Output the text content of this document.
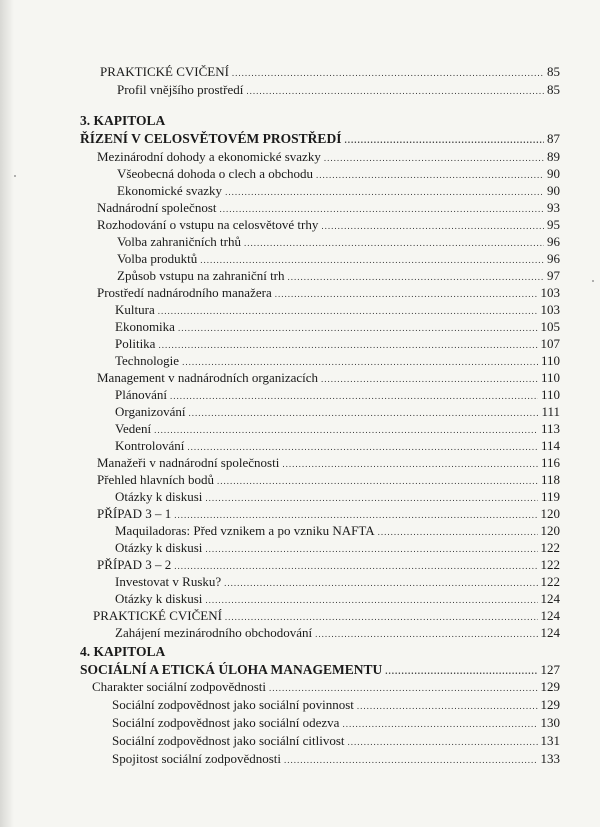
PRAKTICKÉ CVIČENÍ .....	85
Profil vnějšího prostředí .....	85
3. KAPITOLA
ŘÍZENÍ V CELOSVĚTOVÉM PROSTŘEDÍ .....	87
Mezinárodní dohody a ekonomické svazky .....	89
Všeobecná dohoda o clech a obchodu .....	90
Ekonomické svazky .....	90
Nadnárodní společnost .....	93
Rozhodování o vstupu na celosvětové trhy .....	95
Volba zahraničních trhů .....	96
Volba produktů .....	96
Způsob vstupu na zahraniční trh .....	97
Prostředí nadnárodního manažera .....	103
Kultura .....	103
Ekonomika .....	105
Politika .....	107
Technologie .....	110
Management v nadnárodních organizacích .....	110
Plánování .....	110
Organizování .....	111
Vedení .....	113
Kontrolování .....	114
Manažeři v nadnárodní společnosti .....	116
Přehled hlavních bodů .....	118
Otázky k diskusi .....	119
PŘÍPAD 3 – 1 .....	120
Maquiladoras: Před vznikem a po vzniku NAFTA .....	120
Otázky k diskusi .....	122
PŘÍPAD 3 – 2 .....	122
Investovat v Rusku? .....	122
Otázky k diskusi .....	124
PRAKTICKÉ CVIČENÍ .....	124
Zahájení mezinárodního obchodování .....	124
4. KAPITOLA
SOCIÁLNÍ A ETICKÁ ÚLOHA MANAGEMENTU .....	127
Charakter sociální zodpovědnosti .....	129
Sociální zodpovědnost jako sociální povinnost .....	129
Sociální zodpovědnost jako sociální odezva .....	130
Sociální zodpovědnost jako sociální citlivost .....	131
Spojitost sociální zodpovědnosti .....	133
